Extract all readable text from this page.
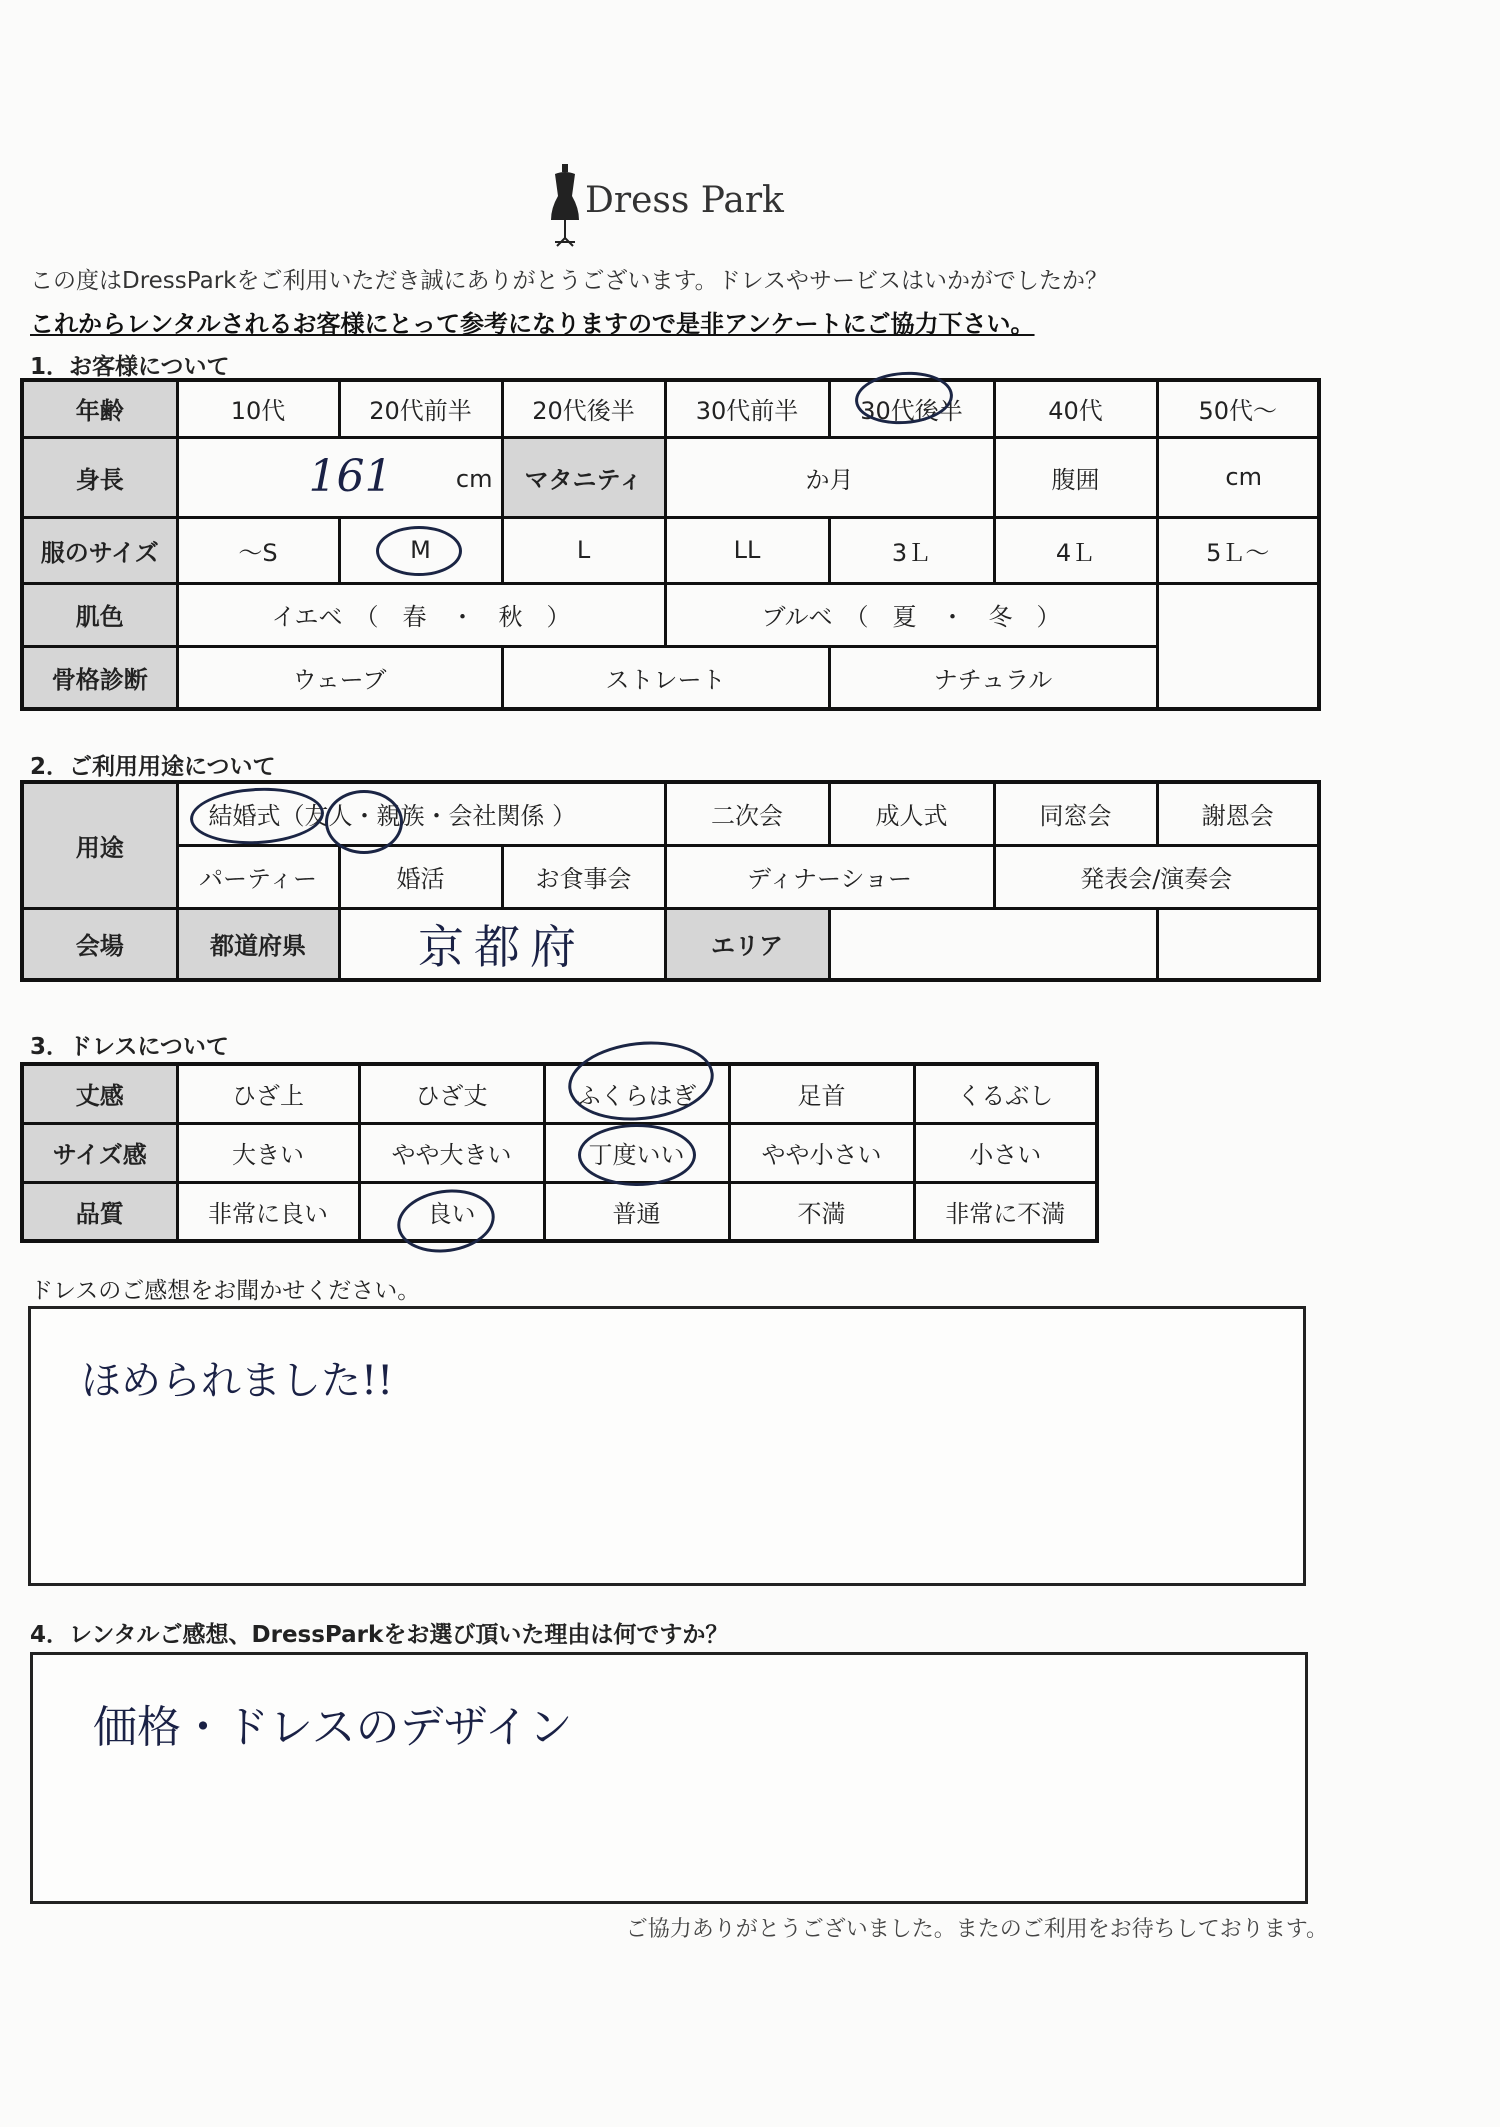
Dress Park
この度はDressParkをご利用いただき誠にありがとうございます。ドレスやサービスはいかがでしたか？
これからレンタルされるお客様にとって参考になりますので是非アンケートにご協力下さい。
1．お客様について
年齢	10代	20代前半	20代後半	30代前半	30代後半	40代	50代～
身長	161 cm		マタニティ	か月		腹囲	cm
服のサイズ	～S	M	L	LL	3Ｌ	4Ｌ	5Ｌ～
肌色	イエベ　（　春　・　秋　）			ブルベ　（　夏　・　冬　）			
骨格診断	ウェーブ		ストレート		ナチュラル		
2．ご利用用途について
用途	結婚式（友人・親族・会社関係 ）			二次会	成人式	同窓会	謝恩会
	パーティー	婚活	お食事会	ディナーショー		発表会/演奏会	
会場	都道府県	京都府		エリア			
3．ドレスについて
丈感	ひざ上	ひざ丈	ふくらはぎ	足首	くるぶし
サイズ感	大きい	やや大きい	丁度いい	やや小さい	小さい
品質	非常に良い	良い	普通	不満	非常に不満
ドレスのご感想をお聞かせください。
ほめられました!!
4．レンタルご感想、DressParkをお選び頂いた理由は何ですか？
価格・ドレスのデザイン
ご協力ありがとうございました。またのご利用をお待ちしております。
